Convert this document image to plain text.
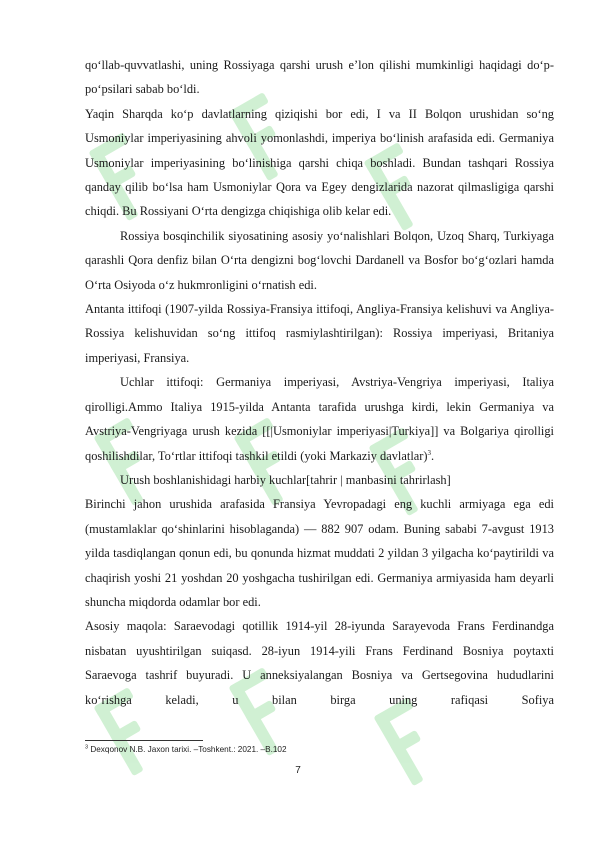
qo‘llab-quvvatlashi, uning Rossiyaga qarshi urush e’lon qilishi mumkinligi haqidagi do‘p-po‘psilari sabab bo‘ldi.

Yaqin Sharqda ko‘p davlatlarning qiziqishi bor edi, I va II Bolqon urushidan so‘ng Usmoniylar imperiyasining ahvoli yomonlashdi, imperiya bo‘linish arafasida edi. Germaniya Usmoniylar imperiyasining bo‘linishiga qarshi chiqa boshladi. Bundan tashqari Rossiya qanday qilib bo‘lsa ham Usmoniylar Qora va Egey dengizlarida nazorat qilmasligiga qarshi chiqdi. Bu Rossiyani O‘rta dengizga chiqishiga olib kelar edi.

Rossiya bosqinchilik siyosatining asosiy yo‘nalishlari Bolqon, Uzoq Sharq, Turkiyaga qarashli Qora denfiz bilan O‘rta dengizni bog‘lovchi Dardanell va Bosfor bo‘g‘ozlari hamda O‘rta Osiyoda o‘z hukmronligini o‘rnatish edi.

Antanta ittifoqi (1907-yilda Rossiya-Fransiya ittifoqi, Angliya-Fransiya kelishuvi va Angliya-Rossiya kelishuvidan so‘ng ittifoq rasmiylashtirilgan): Rossiya imperiyasi, Britaniya imperiyasi, Fransiya.

Uchlar ittifoqi: Germaniya imperiyasi, Avstriya-Vengriya imperiyasi, Italiya qirolligi.Ammo Italiya 1915-yilda Antanta tarafida urushga kirdi, lekin Germaniya va Avstriya-Vengriyaga urush kezida [[|Usmoniylar imperiyasi|Turkiya]] va Bolgariya qirolligi qoshilishdilar, To‘rtlar ittifoqi tashkil etildi (yoki Markaziy davlatlar)$^3$.

Urush boshlanishidagi harbiy kuchlar[tahrir | manbasini tahrirlash]

Birinchi jahon urushida arafasida Fransiya Yevropadagi eng kuchli armiyaga ega edi (mustamlaklar qo‘shinlarini hisoblaganda) — 882 907 odam. Buning sababi 7-avgust 1913 yilda tasdiqlangan qonun edi, bu qonunda hizmat muddati 2 yildan 3 yilgacha ko‘paytirildi va chaqirish yoshi 21 yoshdan 20 yoshgacha tushirilgan edi. Germaniya armiyasida ham deyarli shuncha miqdorda odamlar bor edi.

Asosiy maqola: Saraevodagi qotillik 1914-yil 28-iyunda Sarayevoda Frans Ferdinandga nisbatan uyushtirilgan suiqasd. 28-iyun 1914-yili Frans Ferdinand Bosniya poytaxti Saraevoga tashrif buyuradi. U anneksiyalangan Bosniya va Gertsegovina hududlarini ko‘rishga keladi, u bilan birga uning rafiqasi Sofiya

$^3$ Dexqonov N.B. Jaxon tarixi. –Toshkent.: 2021. –B.102
7
